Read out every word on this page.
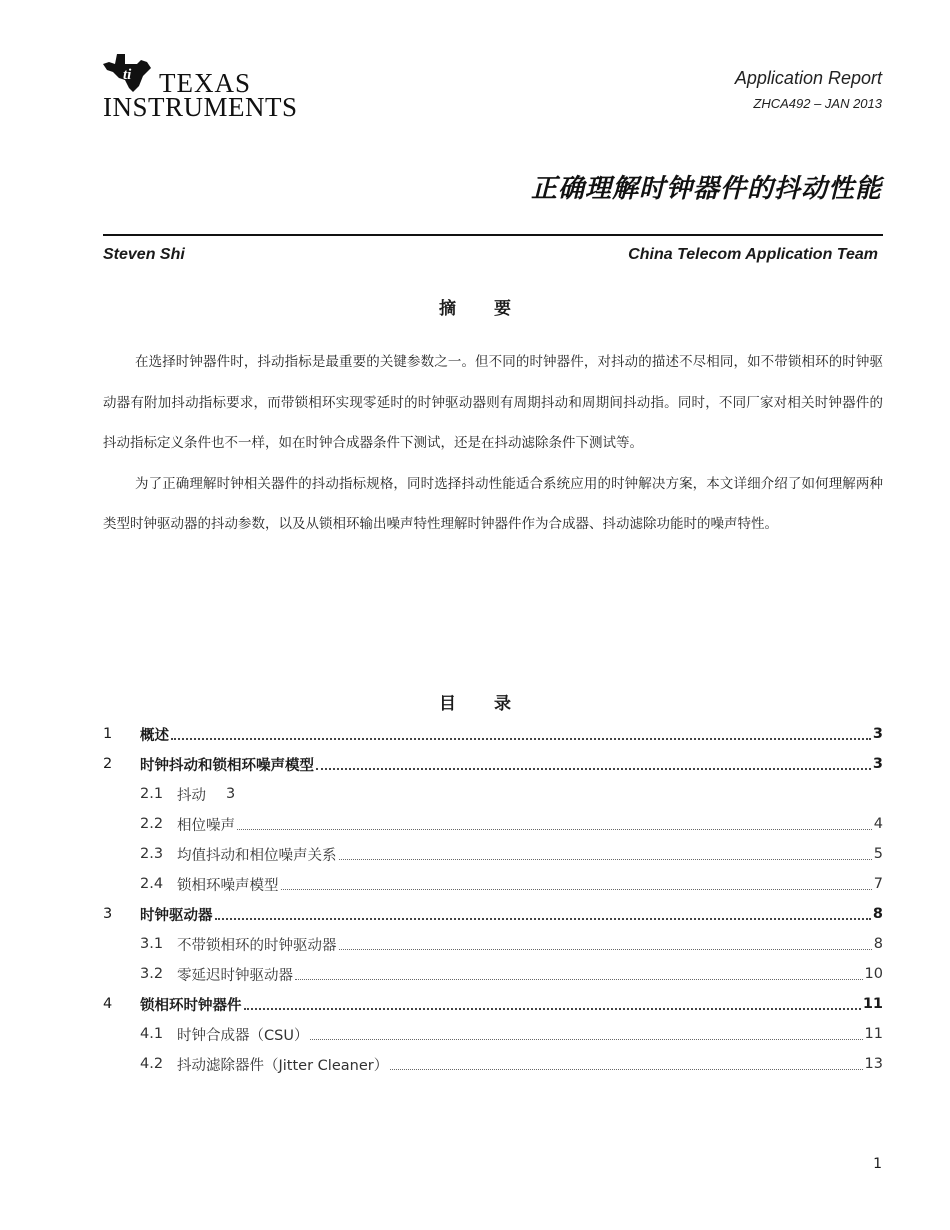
ti TEXAS
INSTRUMENTS
Application Report
ZHCA492 – JAN 2013
正确理解时钟器件的抖动性能
Steven Shi	China Telecom Application Team
摘要

在选择时钟器件时，抖动指标是最重要的关键参数之一。但不同的时钟器件，对抖动的描述不尽相同，如不带锁相环的时钟驱动器有附加抖动指标要求，而带锁相环实现零延时的时钟驱动器则有周期抖动和周期间抖动指。同时，不同厂家对相关时钟器件的抖动指标定义条件也不一样，如在时钟合成器条件下测试，还是在抖动滤除条件下测试等。

为了正确理解时钟相关器件的抖动指标规格，同时选择抖动性能适合系统应用的时钟解决方案，本文详细介绍了如何理解两种类型时钟驱动器的抖动参数，以及从锁相环输出噪声特性理解时钟器件作为合成器、抖动滤除功能时的噪声特性。

目录
1	概述	3
2	时钟抖动和锁相环噪声模型	3
2.1 抖动 3
2.2 相位噪声	4
2.3 均值抖动和相位噪声关系	5
2.4 锁相环噪声模型	7
3	时钟驱动器	8
3.1 不带锁相环的时钟驱动器	8
3.2 零延迟时钟驱动器	10
4	锁相环时钟器件	11
4.1 时钟合成器（CSU）	11
4.2 抖动滤除器件（Jitter Cleaner）	13
1
